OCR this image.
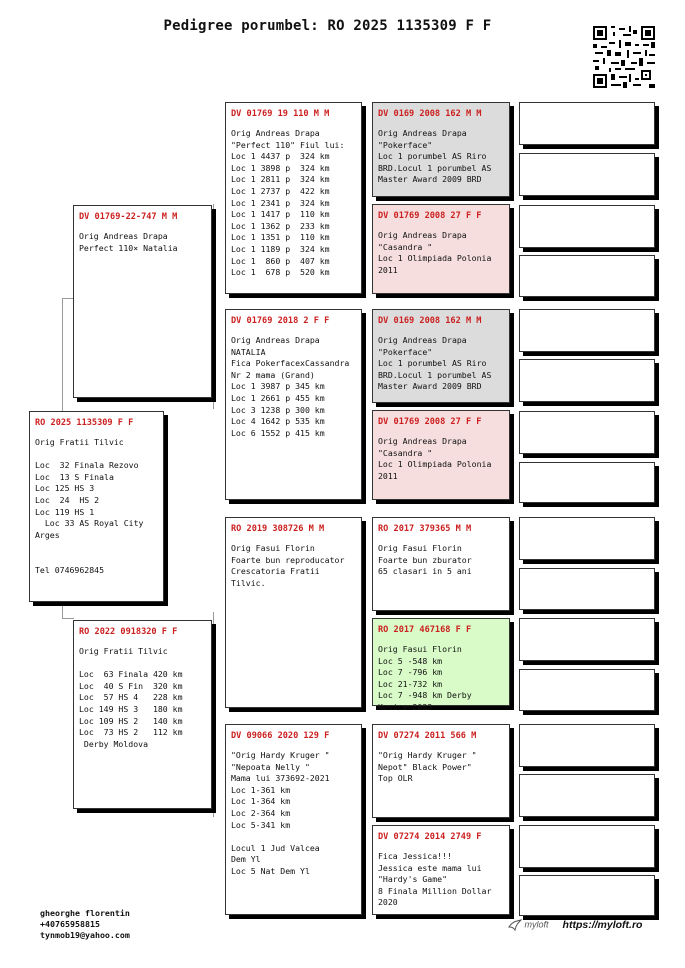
Pedigree porumbel: RO 2025 1135309 F F
RO 2025 1135309 F F
Orig Fratii Tilvic

Loc  32 Finala Rezovo
Loc  13 S Finala
Loc 125 HS 3
Loc  24  HS 2
Loc 119 HS 1
Loc 33 AS Royal City
Arges

Tel 0746962845
DV 01769-22-747 M M
Orig Andreas Drapa
Perfect 110× Natalia
RO 2022 0918320 F F
Orig Fratii Tilvic

Loc  63 Finala 420 km
Loc  40 S Fin  320 km
Loc  57 HS 4   228 km
Loc 149 HS 3   180 km
Loc 109 HS 2   140 km
Loc  73 HS 2   112 km
Derby Moldova
DV 01769 19 110 M M
Orig Andreas Drapa
"Perfect 110" Fiul lui:
Loc 1 4437 p  324 km
Loc 1 3898 p  324 km
Loc 1 2811 p  324 km
Loc 1 2737 p  422 km
Loc 1 2341 p  324 km
Loc 1 1417 p  110 km
Loc 1 1362 p  233 km
Loc 1 1351 p  110 km
Loc 1 1189 p  324 km
Loc 1  860 p  407 km
Loc 1  678 p  520 km
DV 01769 2018 2 F F
Orig Andreas Drapa
NATALIA
Fica PokerfacexCassandra
Nr 2 mama (Grand)
Loc 1 3987 p 345 km
Loc 1 2661 p 455 km
Loc 3 1238 p 300 km
Loc 4 1642 p 535 km
Loc 6 1552 p 415 km
RO 2019 308726 M M
Orig Fasui Florin
Foarte bun reproducator
Crescatoria Fratii
Tilvic.
DV 09066 2020 129 F
"Orig Hardy Kruger "
"Nepoata Nelly "
Mama lui 373692-2021
Loc 1-361 km
Loc 1-364 km
Loc 2-364 km
Loc 5-341 km

Locul 1 Jud Valcea
Dem Yl
Loc 5 Nat Dem Yl
DV 0169 2008 162 M M
Orig Andreas Drapa
"Pokerface"
Loc 1 porumbel AS Riro
BRD.Locul 1 porumbel AS
Master Award 2009 BRD
DV 01769 2008 27 F F
Orig Andreas Drapa
"Casandra "
Loc 1 Olimpiada Polonia
2011
DV 0169 2008 162 M M
Orig Andreas Drapa
"Pokerface"
Loc 1 porumbel AS Riro
BRD.Locul 1 porumbel AS
Master Award 2009 BRD
DV 01769 2008 27 F F
Orig Andreas Drapa
"Casandra "
Loc 1 Olimpiada Polonia
2011
RO 2017 379365 M M
Orig Fasui Florin
Foarte bun zburator
65 clasari in 5 ani
RO 2017 467168 F F
Orig Fasui Florin
Loc 5 -548 km
Loc 7 -796 km
Loc 21-732 km
Loc 7 -948 km Derby
Kosice 2023
DV 07274 2011 566 M
"Orig Hardy Kruger "
Nepot" Black Power"
Top OLR
DV 07274 2014 2749 F
Fica Jessica!!!
Jessica este mama lui
"Hardy's Game"
8 Finala Million Dollar
2020
gheorghe florentin
+40765958815
tynmob19@yahoo.com
myloft https://myloft.ro
